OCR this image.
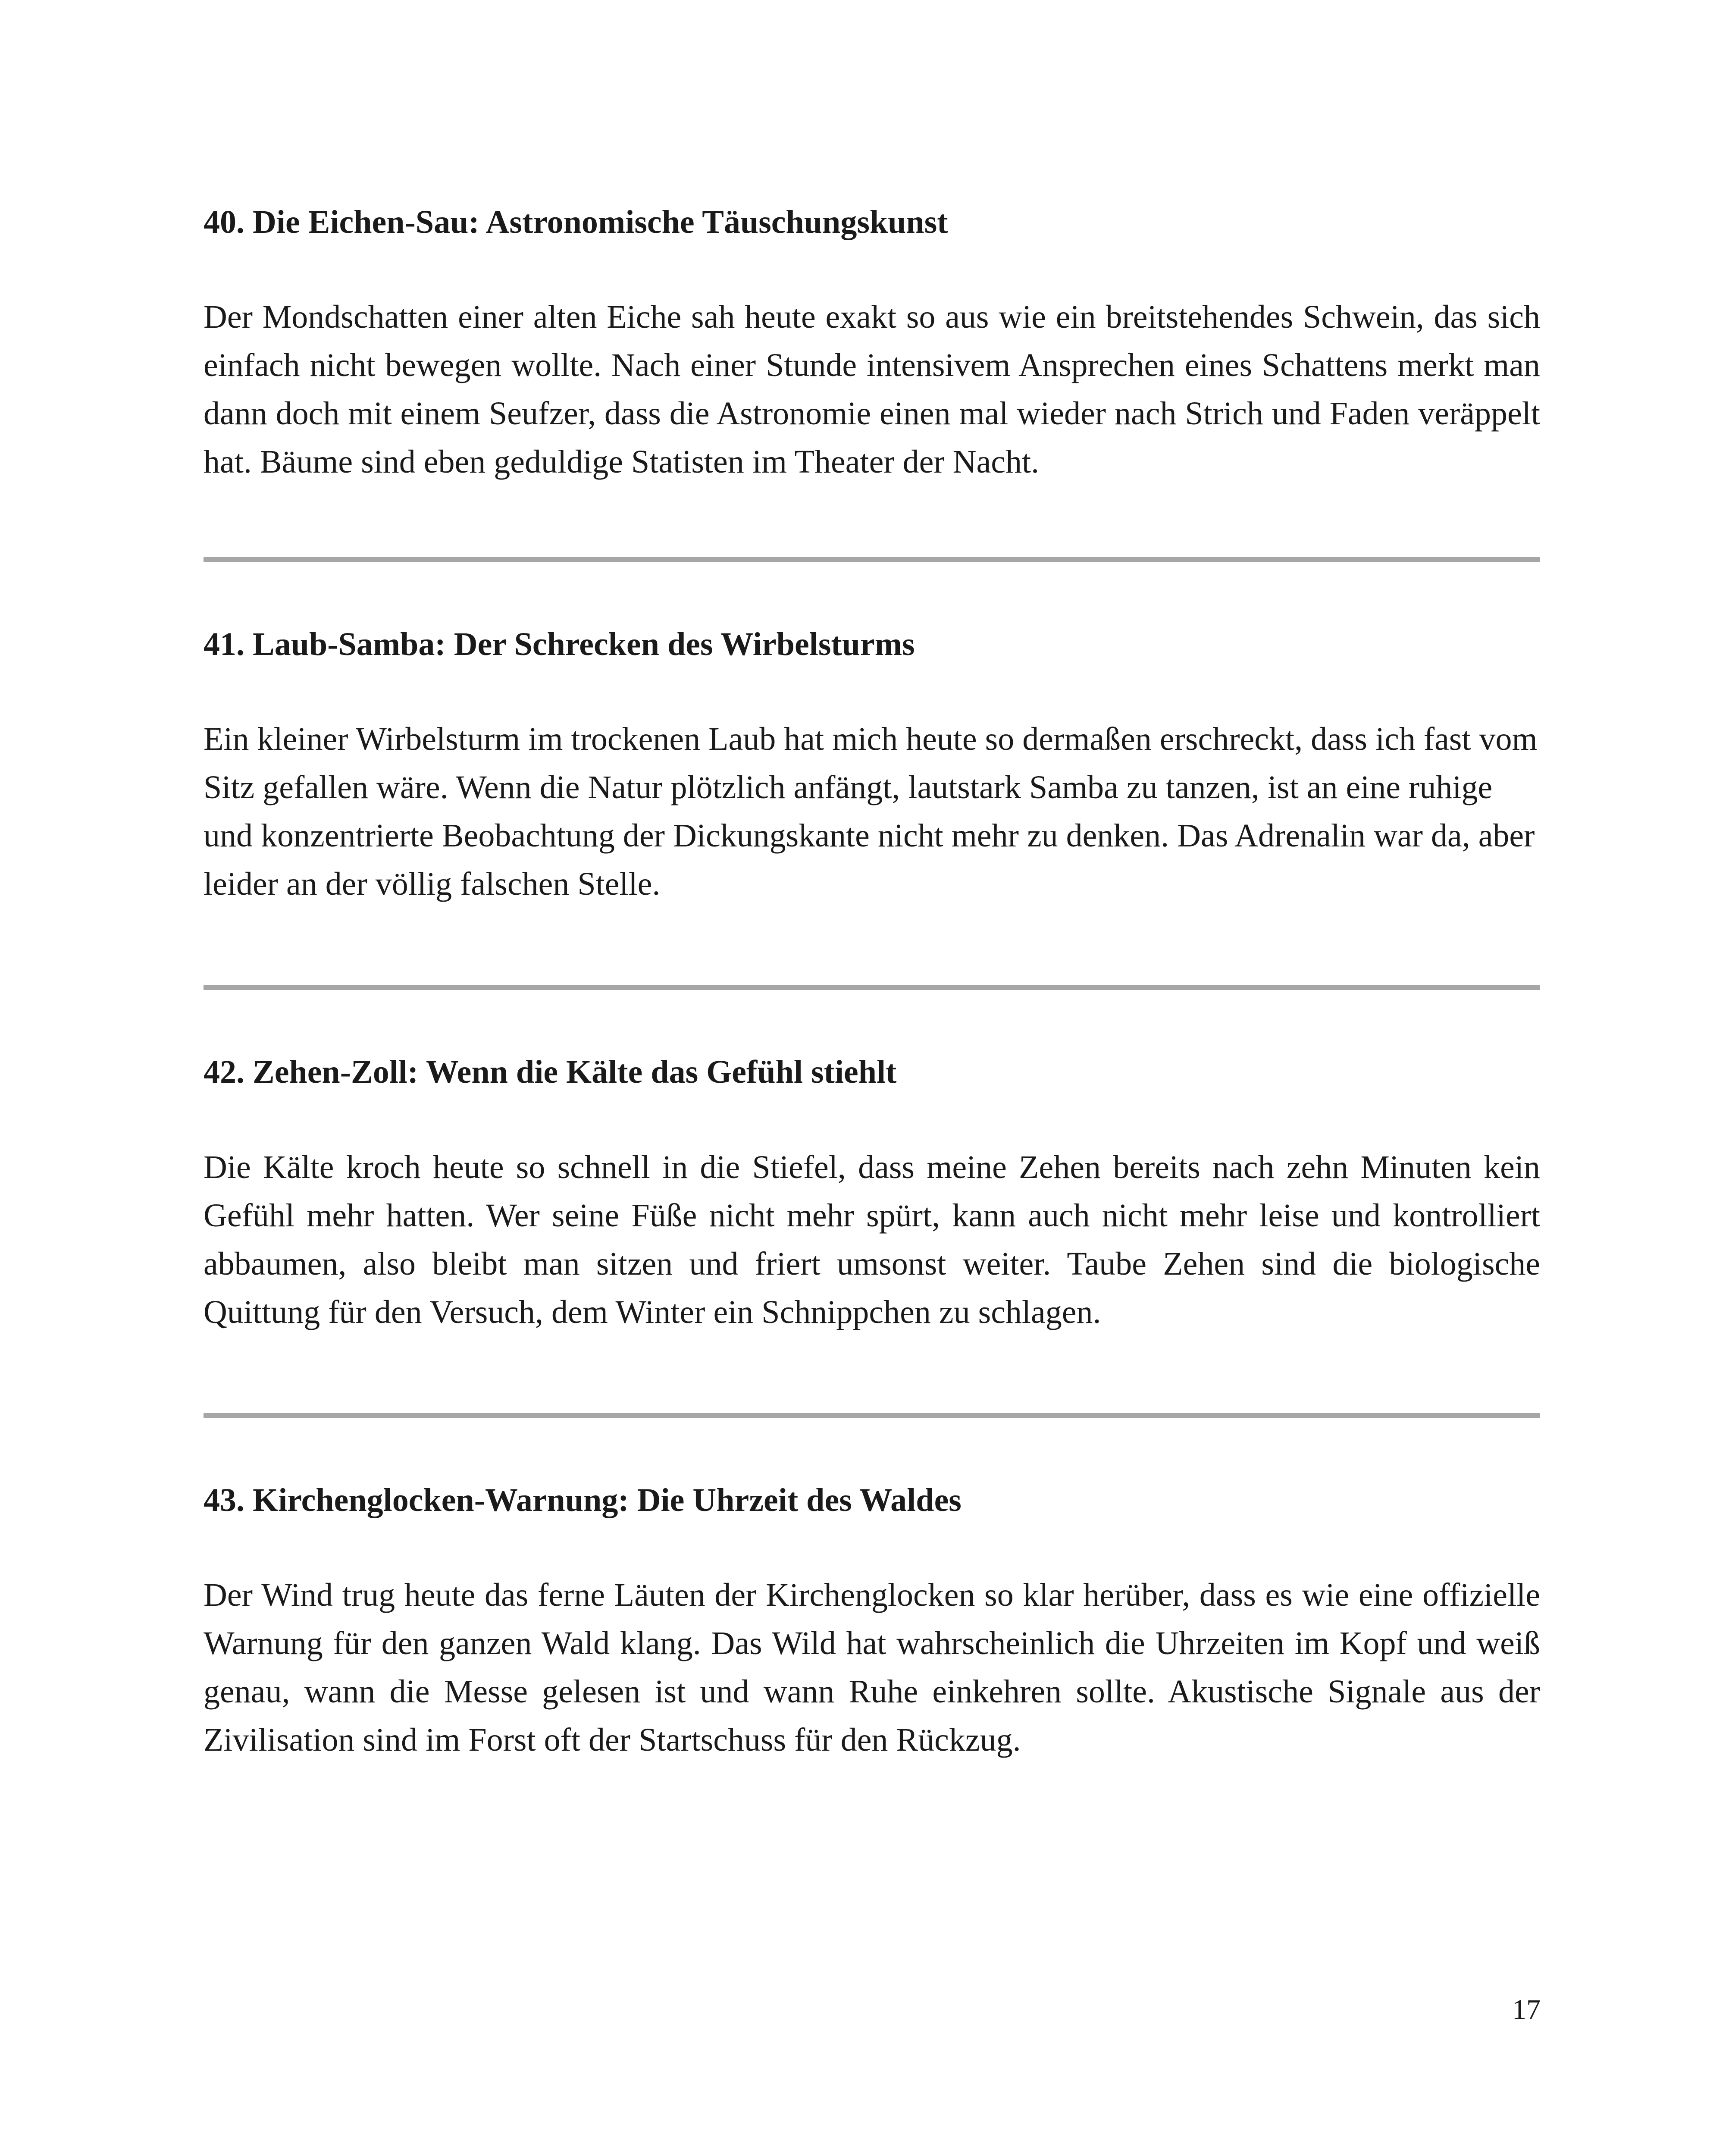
40. Die Eichen-Sau: Astronomische Täuschungskunst

Der Mondschatten einer alten Eiche sah heute exakt so aus wie ein breitstehendes Schwein, das sich einfach nicht bewegen wollte. Nach einer Stunde intensivem Ansprechen eines Schattens merkt man dann doch mit einem Seufzer, dass die Astronomie einen mal wieder nach Strich und Faden veräppelt hat. Bäume sind eben geduldige Statisten im Theater der Nacht.

41. Laub-Samba: Der Schrecken des Wirbelsturms

Ein kleiner Wirbelsturm im trockenen Laub hat mich heute so dermaßen erschreckt, dass ich fast vom Sitz gefallen wäre. Wenn die Natur plötzlich anfängt, lautstark Samba zu tanzen, ist an eine ruhige und konzentrierte Beobachtung der Dickungskante nicht mehr zu denken. Das Adrenalin war da, aber leider an der völlig falschen Stelle.

42. Zehen-Zoll: Wenn die Kälte das Gefühl stiehlt

Die Kälte kroch heute so schnell in die Stiefel, dass meine Zehen bereits nach zehn Minuten kein Gefühl mehr hatten. Wer seine Füße nicht mehr spürt, kann auch nicht mehr leise und kontrolliert abbaumen, also bleibt man sitzen und friert umsonst weiter. Taube Zehen sind die biologische Quittung für den Versuch, dem Winter ein Schnippchen zu schlagen.

43. Kirchenglocken-Warnung: Die Uhrzeit des Waldes

Der Wind trug heute das ferne Läuten der Kirchenglocken so klar herüber, dass es wie eine offizielle Warnung für den ganzen Wald klang. Das Wild hat wahrscheinlich die Uhrzeiten im Kopf und weiß genau, wann die Messe gelesen ist und wann Ruhe einkehren sollte. Akustische Signale aus der Zivilisation sind im Forst oft der Startschuss für den Rückzug.

17
